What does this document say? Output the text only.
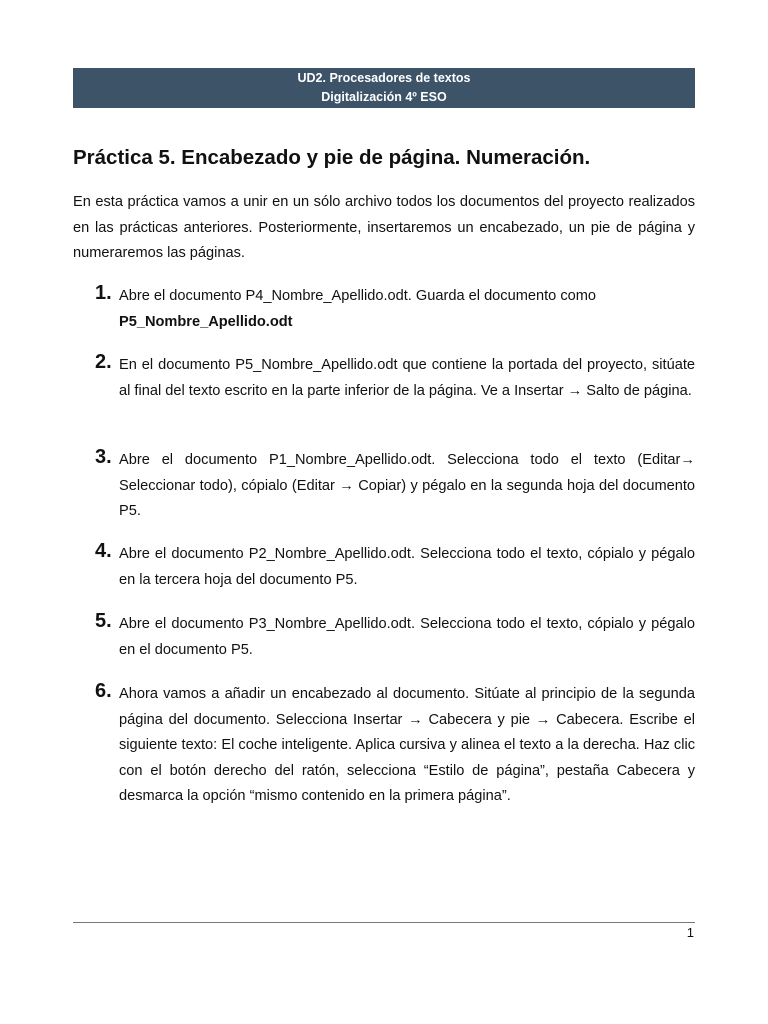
UD2. Procesadores de textos
Digitalización 4º ESO
Práctica 5. Encabezado y pie de página. Numeración.

En esta práctica vamos a unir en un sólo archivo todos los documentos del proyecto realizados en las prácticas anteriores. Posteriormente, insertaremos un encabezado, un pie de página y numeraremos las páginas.

1. Abre el documento P4_Nombre_Apellido.odt. Guarda el documento como
P5_Nombre_Apellido.odt
2. En el documento P5_Nombre_Apellido.odt que contiene la portada del proyecto, sitúate al final del texto escrito en la parte inferior de la página. Ve a Insertar → Salto de página.
3. Abre el documento P1_Nombre_Apellido.odt. Selecciona todo el texto (Editar→ Seleccionar todo), cópialo (Editar → Copiar) y pégalo en la segunda hoja del documento P5.
4. Abre el documento P2_Nombre_Apellido.odt. Selecciona todo el texto, cópialo y pégalo en la tercera hoja del documento P5.
5. Abre el documento P3_Nombre_Apellido.odt. Selecciona todo el texto, cópialo y pégalo en el documento P5.
6. Ahora vamos a añadir un encabezado al documento. Sitúate al principio de la segunda página del documento. Selecciona Insertar → Cabecera y pie → Cabecera. Escribe el siguiente texto: El coche inteligente. Aplica cursiva y alinea el texto a la derecha. Haz clic con el botón derecho del ratón, selecciona “Estilo de página”, pestaña Cabecera y desmarca la opción “mismo contenido en la primera página”.
1
